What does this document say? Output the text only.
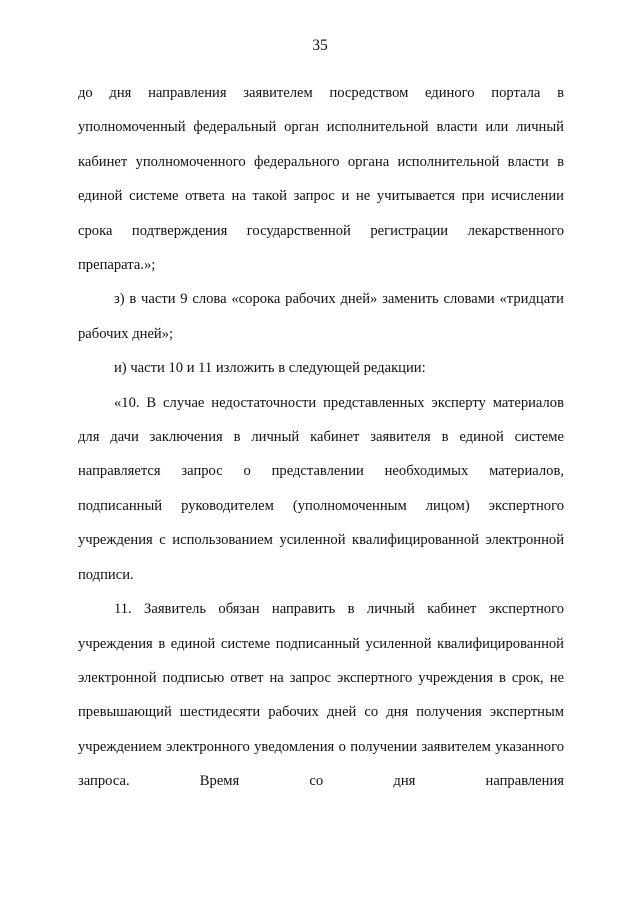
35

до дня направления заявителем посредством единого портала в уполномоченный федеральный орган исполнительной власти или личный кабинет уполномоченного федерального органа исполнительной власти в единой системе ответа на такой запрос и не учитывается при исчислении срока подтверждения государственной регистрации лекарственного препарата.»;

з) в части 9 слова «сорока рабочих дней» заменить словами «тридцати рабочих дней»;

и) части 10 и 11 изложить в следующей редакции:

«10. В случае недостаточности представленных эксперту материалов для дачи заключения в личный кабинет заявителя в единой системе направляется запрос о представлении необходимых материалов, подписанный руководителем (уполномоченным лицом) экспертного учреждения с использованием усиленной квалифицированной электронной подписи.

11. Заявитель обязан направить в личный кабинет экспертного учреждения в единой системе подписанный усиленной квалифицированной электронной подписью ответ на запрос экспертного учреждения в срок, не превышающий шестидесяти рабочих дней со дня получения экспертным учреждением электронного уведомления о получении заявителем указанного запроса. Время со дня направления
